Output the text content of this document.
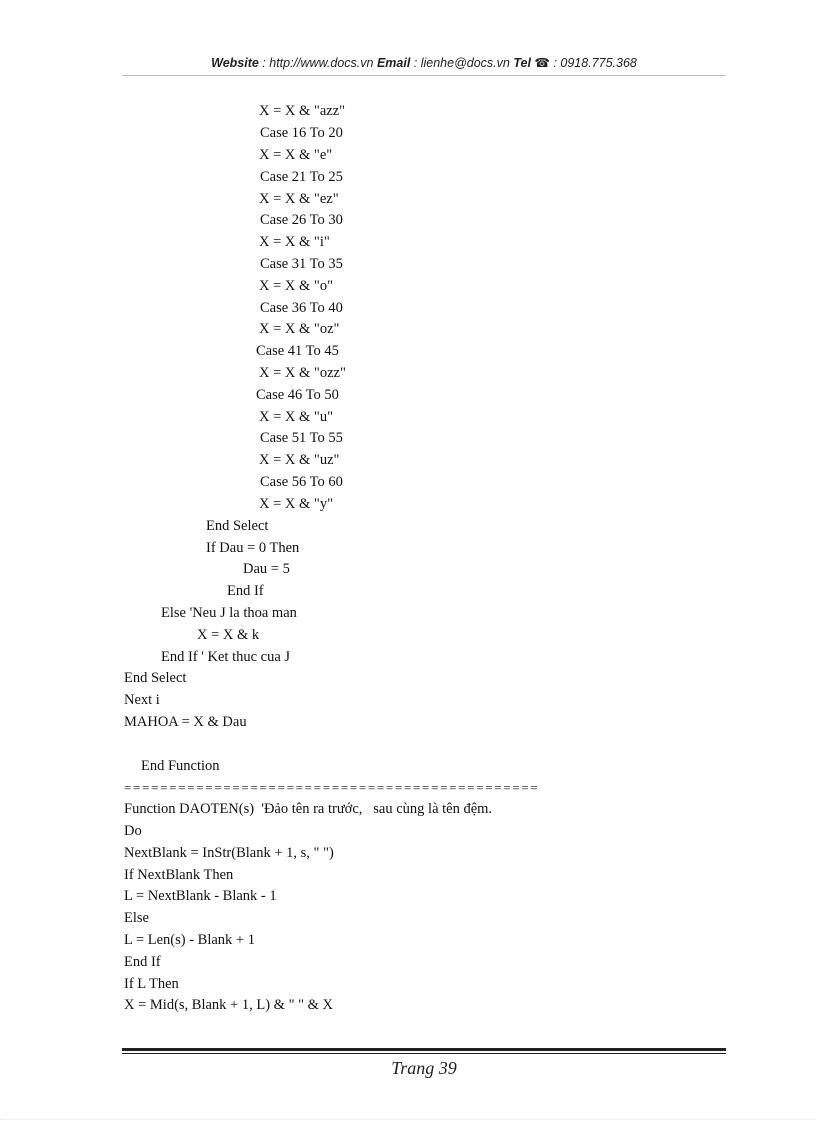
Website : http://www.docs.vn Email : lienhe@docs.vn Tel ☎ : 0918.775.368
X = X & "azz"
Case 16 To 20
X = X & "e"
Case 21 To 25
X = X & "ez"
Case 26 To 30
X = X & "i"
Case 31 To 35
X = X & "o"
Case 36 To 40
X = X & "oz"
Case 41 To 45
X = X & "ozz"
Case 46 To 50
X = X & "u"
Case 51 To 55
X = X & "uz"
Case 56 To 60
X = X & "y"
End Select
If Dau = 0 Then
Dau = 5
End If
Else 'Neu J la thoa man
X = X & k
End If ' Ket thuc cua J
End Select
Next i
MAHOA = X & Dau
End Function
==============================================
Function DAOTEN(s)  'Đảo tên ra trước,   sau cùng là tên đệm.
Do
NextBlank = InStr(Blank + 1, s, " ")
If NextBlank Then
L = NextBlank - Blank - 1
Else
L = Len(s) - Blank + 1
End If
If L Then
X = Mid(s, Blank + 1, L) & " " & X
Trang 39
